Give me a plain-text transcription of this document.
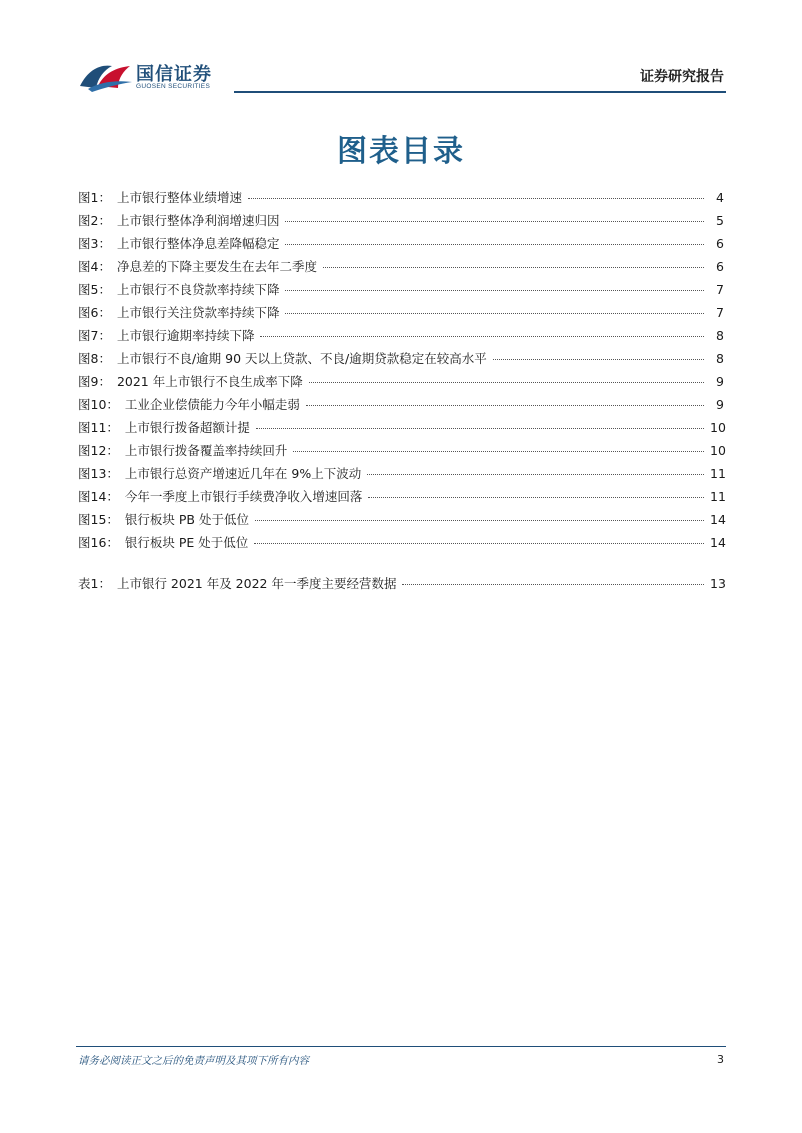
国信证券
GUOSEN SECURITIES
证券研究报告
图表目录
图1： 上市银行整体业绩增速	4
图2： 上市银行整体净利润增速归因	5
图3： 上市银行整体净息差降幅稳定	6
图4： 净息差的下降主要发生在去年二季度	6
图5： 上市银行不良贷款率持续下降	7
图6： 上市银行关注贷款率持续下降	7
图7： 上市银行逾期率持续下降	8
图8： 上市银行不良/逾期 90 天以上贷款、不良/逾期贷款稳定在较高水平	8
图9： 2021 年上市银行不良生成率下降	9
图10： 工业企业偿债能力今年小幅走弱	9
图11： 上市银行拨备超额计提	10
图12： 上市银行拨备覆盖率持续回升	10
图13： 上市银行总资产增速近几年在 9%上下波动	11
图14： 今年一季度上市银行手续费净收入增速回落	11
图15： 银行板块 PB 处于低位	14
图16： 银行板块 PE 处于低位	14
表1： 上市银行 2021 年及 2022 年一季度主要经营数据	13
请务必阅读正文之后的免责声明及其项下所有内容	3
